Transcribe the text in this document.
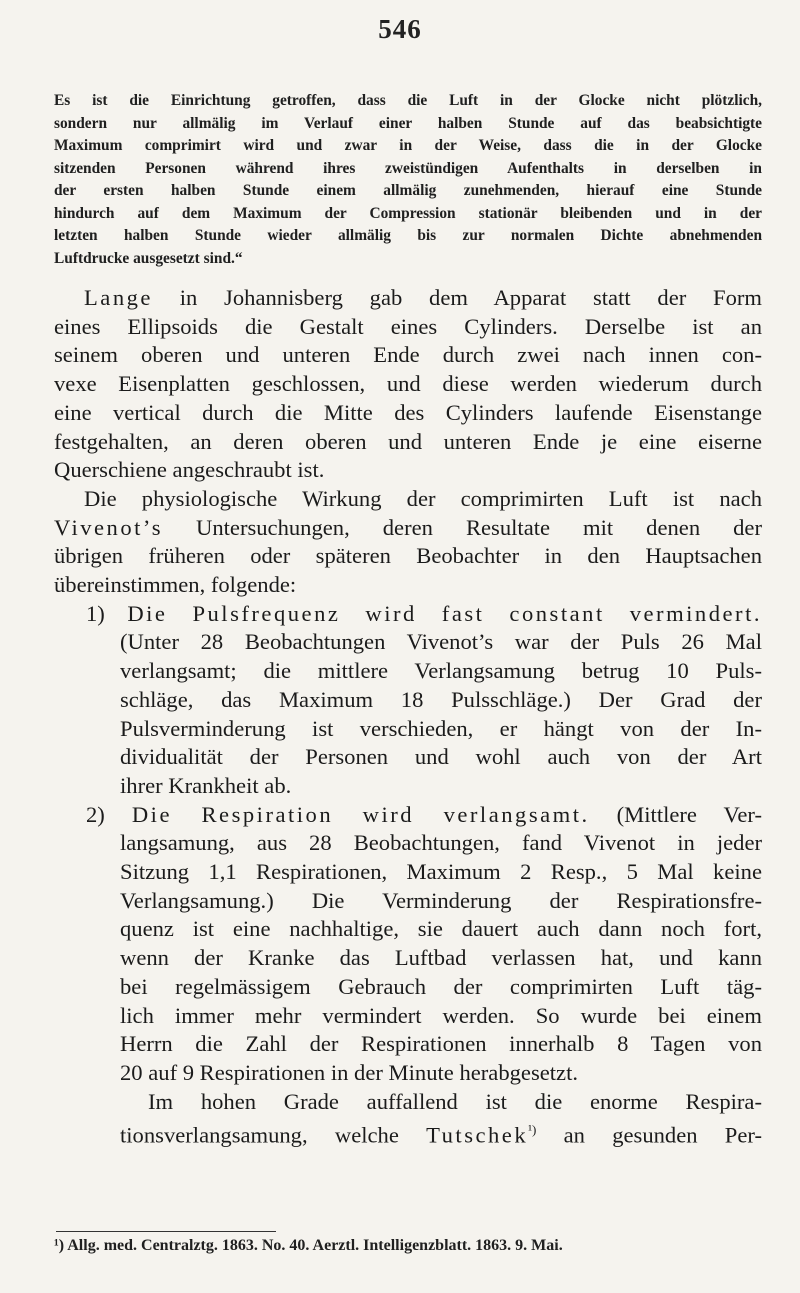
546
Es ist die Einrichtung getroffen, dass die Luft in der Glocke nicht plötzlich,
sondern nur allmälig im Verlauf einer halben Stunde auf das beabsichtigte
Maximum comprimirt wird und zwar in der Weise, dass die in der Glocke
sitzenden Personen während ihres zweistündigen Aufenthalts in derselben in
der ersten halben Stunde einem allmälig zunehmenden, hierauf eine Stunde
hindurch auf dem Maximum der Compression stationär bleibenden und in der
letzten halben Stunde wieder allmälig bis zur normalen Dichte abnehmenden
Luftdrucke ausgesetzt sind.“
Lange in Johannisberg gab dem Apparat statt der Form
eines Ellipsoids die Gestalt eines Cylinders. Derselbe ist an
seinem oberen und unteren Ende durch zwei nach innen con-
vexe Eisenplatten geschlossen, und diese werden wiederum durch
eine vertical durch die Mitte des Cylinders laufende Eisenstange
festgehalten, an deren oberen und unteren Ende je eine eiserne
Querschiene angeschraubt ist.
Die physiologische Wirkung der comprimirten Luft ist nach
Vivenot’s Untersuchungen, deren Resultate mit denen der
übrigen früheren oder späteren Beobachter in den Hauptsachen
übereinstimmen, folgende:
1) Die Pulsfrequenz wird fast constant vermindert.
(Unter 28 Beobachtungen Vivenot’s war der Puls 26 Mal
verlangsamt; die mittlere Verlangsamung betrug 10 Puls-
schläge, das Maximum 18 Pulsschläge.) Der Grad der
Pulsverminderung ist verschieden, er hängt von der In-
dividualität der Personen und wohl auch von der Art
ihrer Krankheit ab.
2) Die Respiration wird verlangsamt. (Mittlere Ver-
langsamung, aus 28 Beobachtungen, fand Vivenot in jeder
Sitzung 1,1 Respirationen, Maximum 2 Resp., 5 Mal keine
Verlangsamung.) Die Verminderung der Respirationsfre-
quenz ist eine nachhaltige, sie dauert auch dann noch fort,
wenn der Kranke das Luftbad verlassen hat, und kann
bei regelmässigem Gebrauch der comprimirten Luft täg-
lich immer mehr vermindert werden. So wurde bei einem
Herrn die Zahl der Respirationen innerhalb 8 Tagen von
20 auf 9 Respirationen in der Minute herabgesetzt.
Im hohen Grade auffallend ist die enorme Respira-
tionsverlangsamung, welche Tutschek$^{^1)}$ an gesunden Per-
¹) Allg. med. Centralztg. 1863. No. 40. Aerztl. Intelligenzblatt. 1863. 9. Mai.
